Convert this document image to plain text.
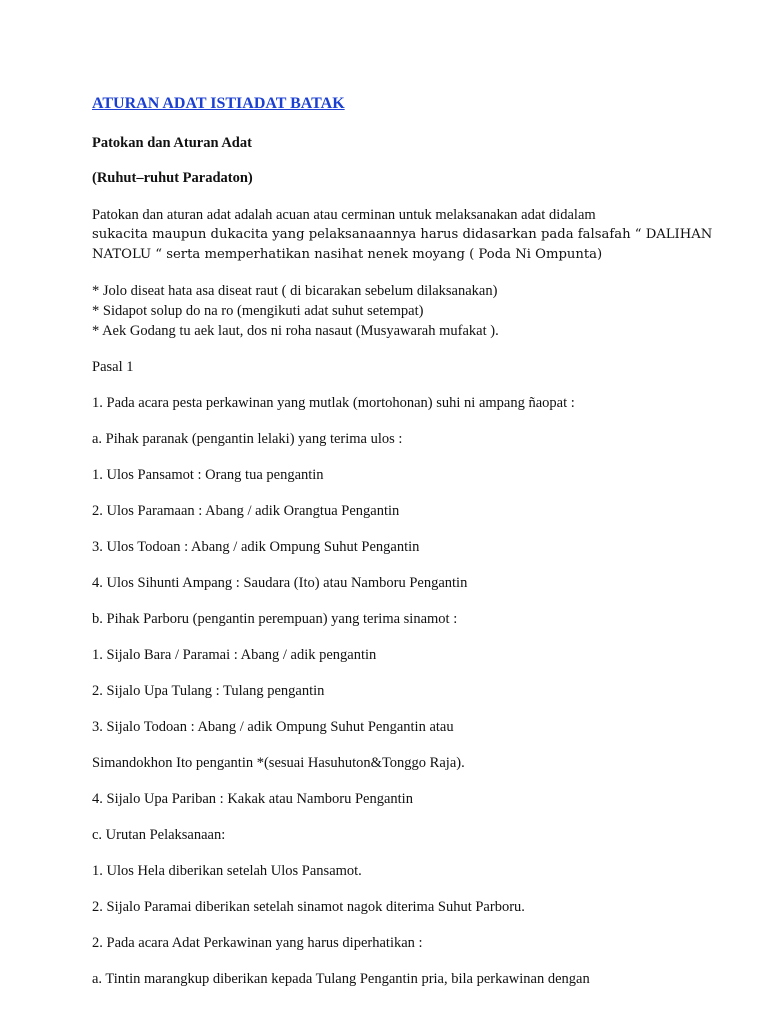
ATURAN ADAT ISTIADAT BATAK

Patokan dan Aturan Adat

(Ruhut–ruhut Paradaton)

Patokan dan aturan adat adalah acuan atau cerminan untuk melaksanakan adat didalam

sukacita maupun dukacita yang pelaksanaannya harus didasarkan pada falsafah “ DALIHAN

NATOLU “ serta memperhatikan nasihat nenek moyang ( Poda Ni Ompunta)

* Jolo diseat hata asa diseat raut ( di bicarakan sebelum dilaksanakan)

* Sidapot solup do na ro (mengikuti adat suhut setempat)

* Aek Godang tu aek laut, dos ni roha nasaut (Musyawarah mufakat ).

Pasal 1

1. Pada acara pesta perkawinan yang mutlak (mortohonan) suhi ni ampang ñaopat :

a. Pihak paranak (pengantin lelaki) yang terima ulos :

1. Ulos Pansamot : Orang tua pengantin

2. Ulos Paramaan : Abang / adik Orangtua Pengantin

3. Ulos Todoan : Abang / adik Ompung Suhut Pengantin

4. Ulos Sihunti Ampang : Saudara (Ito) atau Namboru Pengantin

b. Pihak Parboru (pengantin perempuan) yang terima sinamot :

1. Sijalo Bara / Paramai : Abang / adik pengantin

2. Sijalo Upa Tulang : Tulang pengantin

3. Sijalo Todoan : Abang / adik Ompung Suhut Pengantin atau

Simandokhon Ito pengantin *(sesuai Hasuhuton&Tonggo Raja).

4. Sijalo Upa Pariban : Kakak atau Namboru Pengantin

c. Urutan Pelaksanaan:

1. Ulos Hela diberikan setelah Ulos Pansamot.

2. Sijalo Paramai diberikan setelah sinamot nagok diterima Suhut Parboru.

2. Pada acara Adat Perkawinan yang harus diperhatikan :

a. Tintin marangkup diberikan kepada Tulang Pengantin pria, bila perkawinan dengan
